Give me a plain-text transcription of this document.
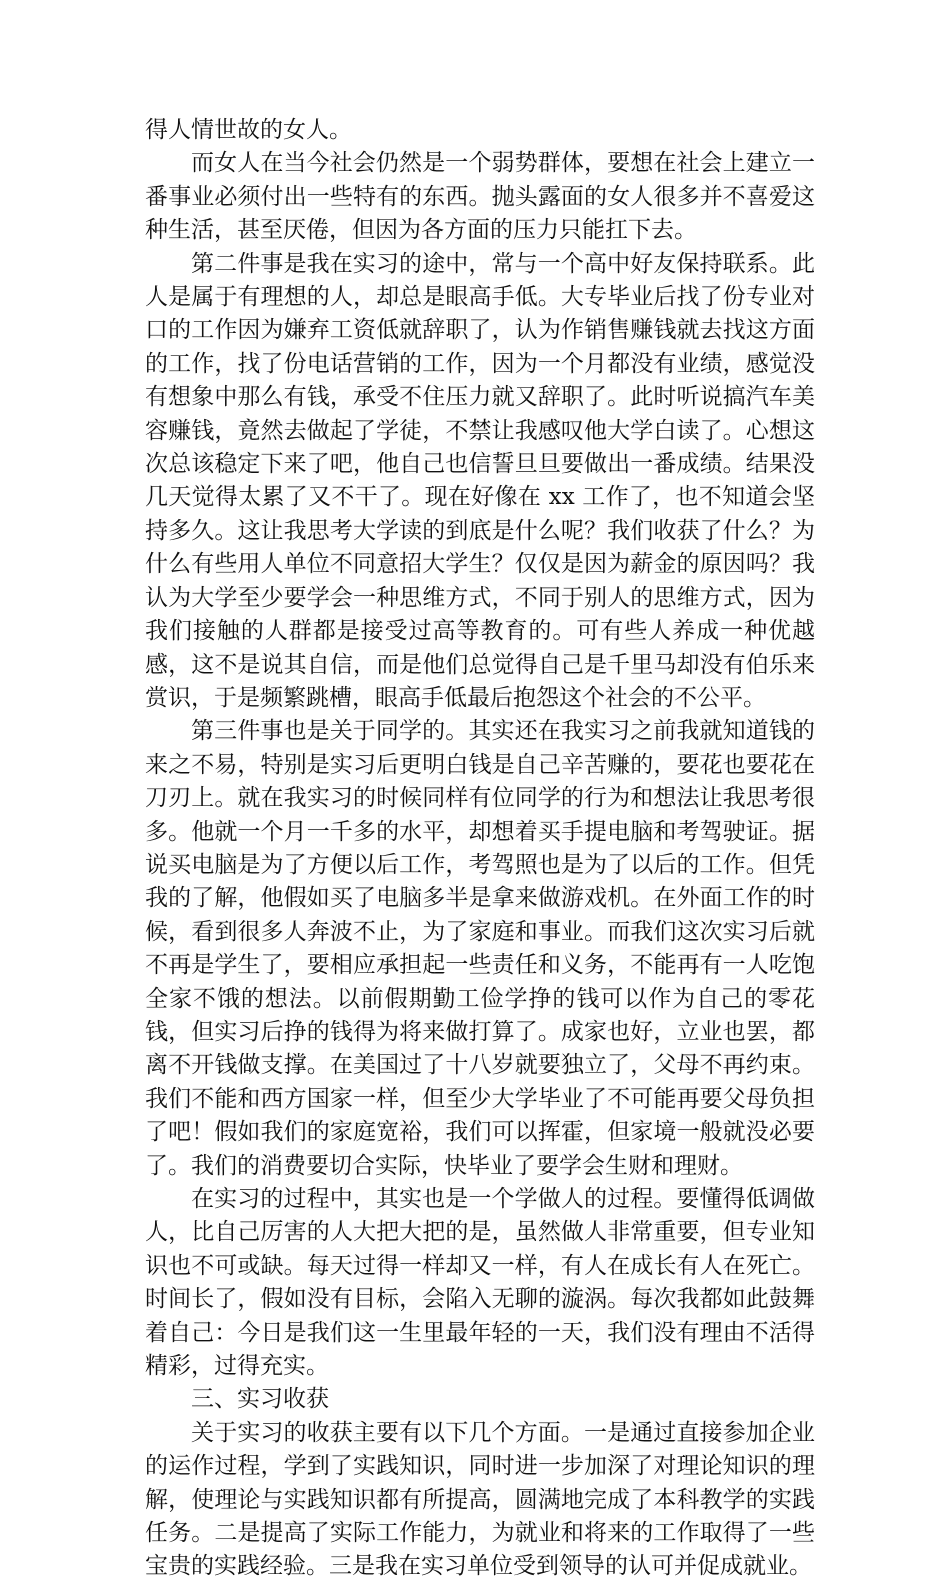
得人情世故的女人。

而女人在当今社会仍然是一个弱势群体，要想在社会上建立一番事业必须付出一些特有的东西。抛头露面的女人很多并不喜爱这种生活，甚至厌倦，但因为各方面的压力只能扛下去。

第二件事是我在实习的途中，常与一个高中好友保持联系。此人是属于有理想的人，却总是眼高手低。大专毕业后找了份专业对口的工作因为嫌弃工资低就辞职了，认为作销售赚钱就去找这方面的工作，找了份电话营销的工作，因为一个月都没有业绩，感觉没有想象中那么有钱，承受不住压力就又辞职了。此时听说搞汽车美容赚钱，竟然去做起了学徒，不禁让我感叹他大学白读了。心想这次总该稳定下来了吧，他自己也信誓旦旦要做出一番成绩。结果没几天觉得太累了又不干了。现在好像在 xx 工作了，也不知道会坚持多久。这让我思考大学读的到底是什么呢？我们收获了什么？为什么有些用人单位不同意招大学生？仅仅是因为薪金的原因吗？我认为大学至少要学会一种思维方式，不同于别人的思维方式，因为我们接触的人群都是接受过高等教育的。可有些人养成一种优越感，这不是说其自信，而是他们总觉得自己是千里马却没有伯乐来赏识，于是频繁跳槽，眼高手低最后抱怨这个社会的不公平。

第三件事也是关于同学的。其实还在我实习之前我就知道钱的来之不易，特别是实习后更明白钱是自己辛苦赚的，要花也要花在刀刃上。就在我实习的时候同样有位同学的行为和想法让我思考很多。他就一个月一千多的水平，却想着买手提电脑和考驾驶证。据说买电脑是为了方便以后工作，考驾照也是为了以后的工作。但凭我的了解，他假如买了电脑多半是拿来做游戏机。在外面工作的时候，看到很多人奔波不止，为了家庭和事业。而我们这次实习后就不再是学生了，要相应承担起一些责任和义务，不能再有一人吃饱全家不饿的想法。以前假期勤工俭学挣的钱可以作为自己的零花钱，但实习后挣的钱得为将来做打算了。成家也好，立业也罢，都离不开钱做支撑。在美国过了十八岁就要独立了，父母不再约束。我们不能和西方国家一样，但至少大学毕业了不可能再要父母负担了吧！假如我们的家庭宽裕，我们可以挥霍，但家境一般就没必要了。我们的消费要切合实际，快毕业了要学会生财和理财。

在实习的过程中，其实也是一个学做人的过程。要懂得低调做人，比自己厉害的人大把大把的是，虽然做人非常重要，但专业知识也不可或缺。每天过得一样却又一样，有人在成长有人在死亡。时间长了，假如没有目标，会陷入无聊的漩涡。每次我都如此鼓舞着自己：今日是我们这一生里最年轻的一天，我们没有理由不活得精彩，过得充实。

三、实习收获

关于实习的收获主要有以下几个方面。一是通过直接参加企业的运作过程，学到了实践知识，同时进一步加深了对理论知识的理解，使理论与实践知识都有所提高，圆满地完成了本科教学的实践任务。二是提高了实际工作能力，为就业和将来的工作取得了一些宝贵的实践经验。三是我在实习单位受到领导的认可并促成就业。
